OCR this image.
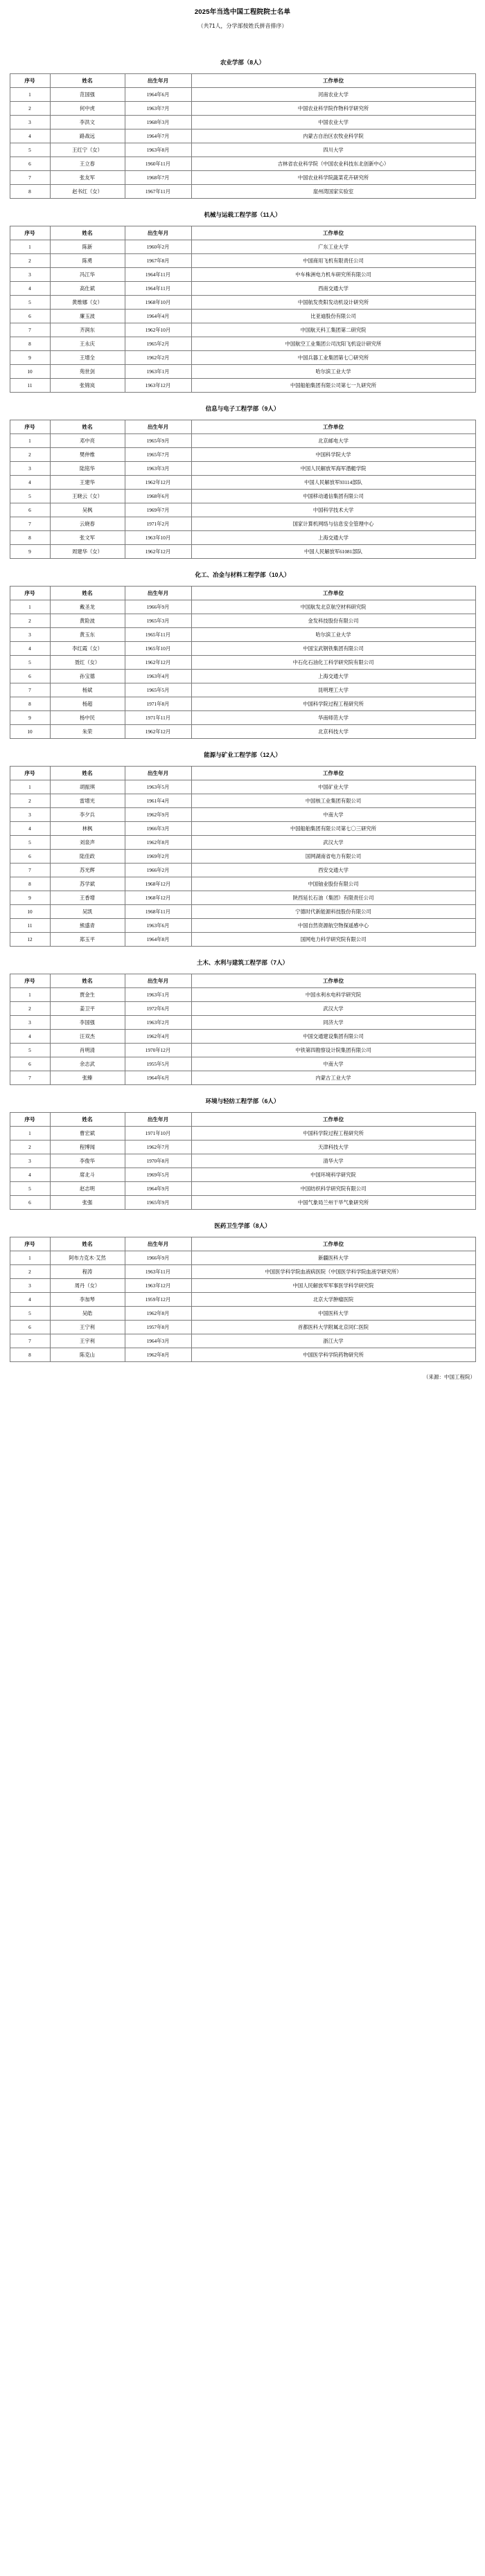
2025年当选中国工程院院士名单
（共71人，分学部按姓氏拼音排序）
农业学部（8人）
序号	姓名	出生年月	工作单位
1	范国强	1964年6月	河南农业大学
2	何中虎	1963年7月	中国农业科学院作物科学研究所
3	李洪文	1968年3月	中国农业大学
4	路战远	1964年7月	内蒙古自治区农牧业科学院
5	王红宁（女）	1963年8月	四川大学
6	王立春	1960年11月	吉林省农业科学院（中国农业科技东北创新中心）
7	张友军	1968年7月	中国农业科学院蔬菜花卉研究所
8	赵书红（女）	1967年11月	崖州湾国家实验室
机械与运载工程学部（11人）
序号	姓名	出生年月	工作单位
1	陈新	1960年2月	广东工业大学
2	陈勇	1967年8月	中国商用飞机有限责任公司
3	冯江华	1964年11月	中车株洲电力机车研究所有限公司
4	高仕斌	1964年11月	西南交通大学
5	黄维娜（女）	1968年10月	中国航发贵阳发动机设计研究所
6	廉玉波	1964年4月	比亚迪股份有限公司
7	齐润东	1962年10月	中国航天科工集团第二研究院
8	王永庆	1965年2月	中国航空工业集团公司沈阳飞机设计研究所
9	王增全	1962年2月	中国兵器工业集团第七〇研究所
10	苑世剑	1963年1月	哈尔滨工业大学
11	张锦岚	1963年12月	中国船舶集团有限公司第七一九研究所
信息与电子工程学部（9人）
序号	姓名	出生年月	工作单位
1	邓中亮	1965年9月	北京邮电大学
2	樊仲维	1965年7月	中国科学院大学
3	陆铭华	1963年3月	中国人民解放军海军潜艇学院
4	王建华	1962年12月	中国人民解放军93114部队
5	王晓云（女）	1968年6月	中国移动通信集团有限公司
6	吴枫	1969年7月	中国科学技术大学
7	云晓春	1971年2月	国家计算机网络与信息安全管理中心
8	张文军	1963年10月	上海交通大学
9	周建华（女）	1962年12月	中国人民解放军61081部队
化工、冶金与材料工程学部（10人）
序号	姓名	出生年月	工作单位
1	戴圣龙	1966年9月	中国航发北京航空材料研究院
2	黄险波	1965年3月	金发科技股份有限公司
3	黄玉东	1965年11月	哈尔滨工业大学
4	李红霞（女）	1965年10月	中国宝武钢铁集团有限公司
5	聂红（女）	1962年12月	中石化石油化工科学研究院有限公司
6	孙宝德	1963年4月	上海交通大学
7	杨斌	1965年5月	昆明理工大学
8	杨超	1971年8月	中国科学院过程工程研究所
9	杨中民	1971年11月	华南师范大学
10	朱荣	1962年12月	北京科技大学
能源与矿业工程学部（12人）
序号	姓名	出生年月	工作单位
1	胡振琪	1963年5月	中国矿业大学
2	雷增光	1961年4月	中国核工业集团有限公司
3	李夕兵	1962年9月	中南大学
4	林枫	1966年3月	中国船舶集团有限公司第七〇三研究所
5	刘泉声	1962年8月	武汉大学
6	陆佳政	1969年2月	国网湖南省电力有限公司
7	苏光辉	1966年2月	西安交通大学
8	苏学斌	1968年12月	中国铀业股份有限公司
9	王香增	1968年12月	陕西延长石油（集团）有限责任公司
10	吴凯	1968年11月	宁德时代新能源科技股份有限公司
11	熊盛青	1963年6月	中国自然资源航空物探遥感中心
12	郑玉平	1964年8月	国网电力科学研究院有限公司
土木、水利与建筑工程学部（7人）
序号	姓名	出生年月	工作单位
1	贾金生	1963年1月	中国水利水电科学研究院
2	姜卫平	1972年6月	武汉大学
3	李国强	1963年2月	同济大学
4	汪双杰	1962年4月	中国交通建设集团有限公司
5	肖明清	1970年12月	中铁第四勘察设计院集团有限公司
6	余志武	1955年5月	中南大学
7	张臻	1964年6月	内蒙古工业大学
环境与轻纺工程学部（6人）
序号	姓名	出生年月	工作单位
1	曹宏斌	1971年10月	中国科学院过程工程研究所
2	程博闻	1962年7月	天津科技大学
3	李俊华	1970年8月	清华大学
4	席北斗	1969年5月	中国环境科学研究院
5	赵志明	1964年9月	中国纺织科学研究院有限公司
6	张强	1965年9月	中国气象局兰州干旱气象研究所
医药卫生学部（8人）
序号	姓名	出生年月	工作单位
1	阿布力克木·艾然	1966年9月	新疆医科大学
2	程涛	1963年11月	中国医学科学院血液病医院（中国医学科学院血液学研究所）
3	周丹（女）	1963年12月	中国人民解放军军事医学科学研究院
4	李加琴	1959年12月	北京大学肿瘤医院
5	吴皓	1962年8月	中国医科大学
6	王宁利	1957年8月	首都医科大学附属北京同仁医院
7	王宇利	1964年3月	浙江大学
8	陈克山	1962年8月	中国医学科学院药物研究所
（来源：中国工程院）
